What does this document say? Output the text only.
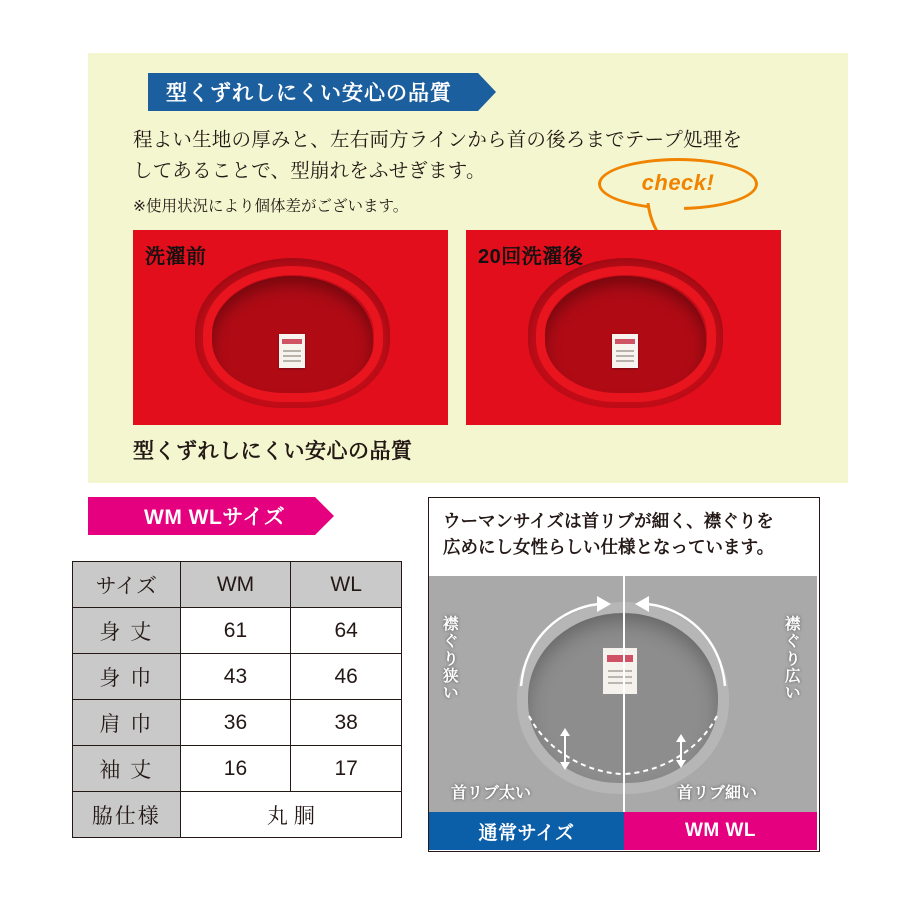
型くずれしにくい安心の品質
程よい生地の厚みと、左右両方ラインから首の後ろまでテープ処理を
してあることで、型崩れをふせぎます。
※使用状況により個体差がございます。
check!
洗濯前	20回洗濯後
型くずれしにくい安心の品質
WM WLサイズ
サイズ	WM	WL
身 丈	61	64
身 巾	43	46
肩 巾	36	38
袖 丈	16	17
脇仕様	丸 胴	
ウーマンサイズは首リブが細く、襟ぐりを
広めにし女性らしい仕様となっています。
襟ぐり狭い
襟ぐり広い
首リブ太い	首リブ細い
通常サイズ	WM WL
